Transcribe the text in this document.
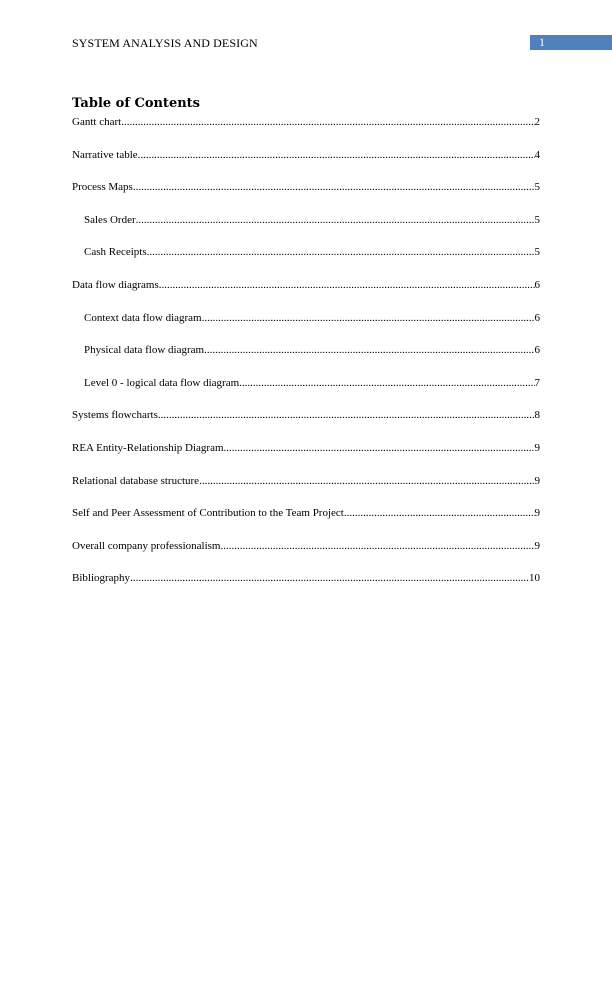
SYSTEM ANALYSIS AND DESIGN	1
Table of Contents
Gantt chart .....	2
Narrative table .....	4
Process Maps .....	5
Sales Order .....	5
Cash Receipts .....	5
Data flow diagrams .....	6
Context data flow diagram .....	6
Physical data flow diagram .....	6
Level 0 - logical data flow diagram .....	7
Systems flowcharts .....	8
REA Entity-Relationship Diagram .....	9
Relational database structure .....	9
Self and Peer Assessment of Contribution to the Team Project .....	9
Overall company professionalism .....	9
Bibliography .....	10
